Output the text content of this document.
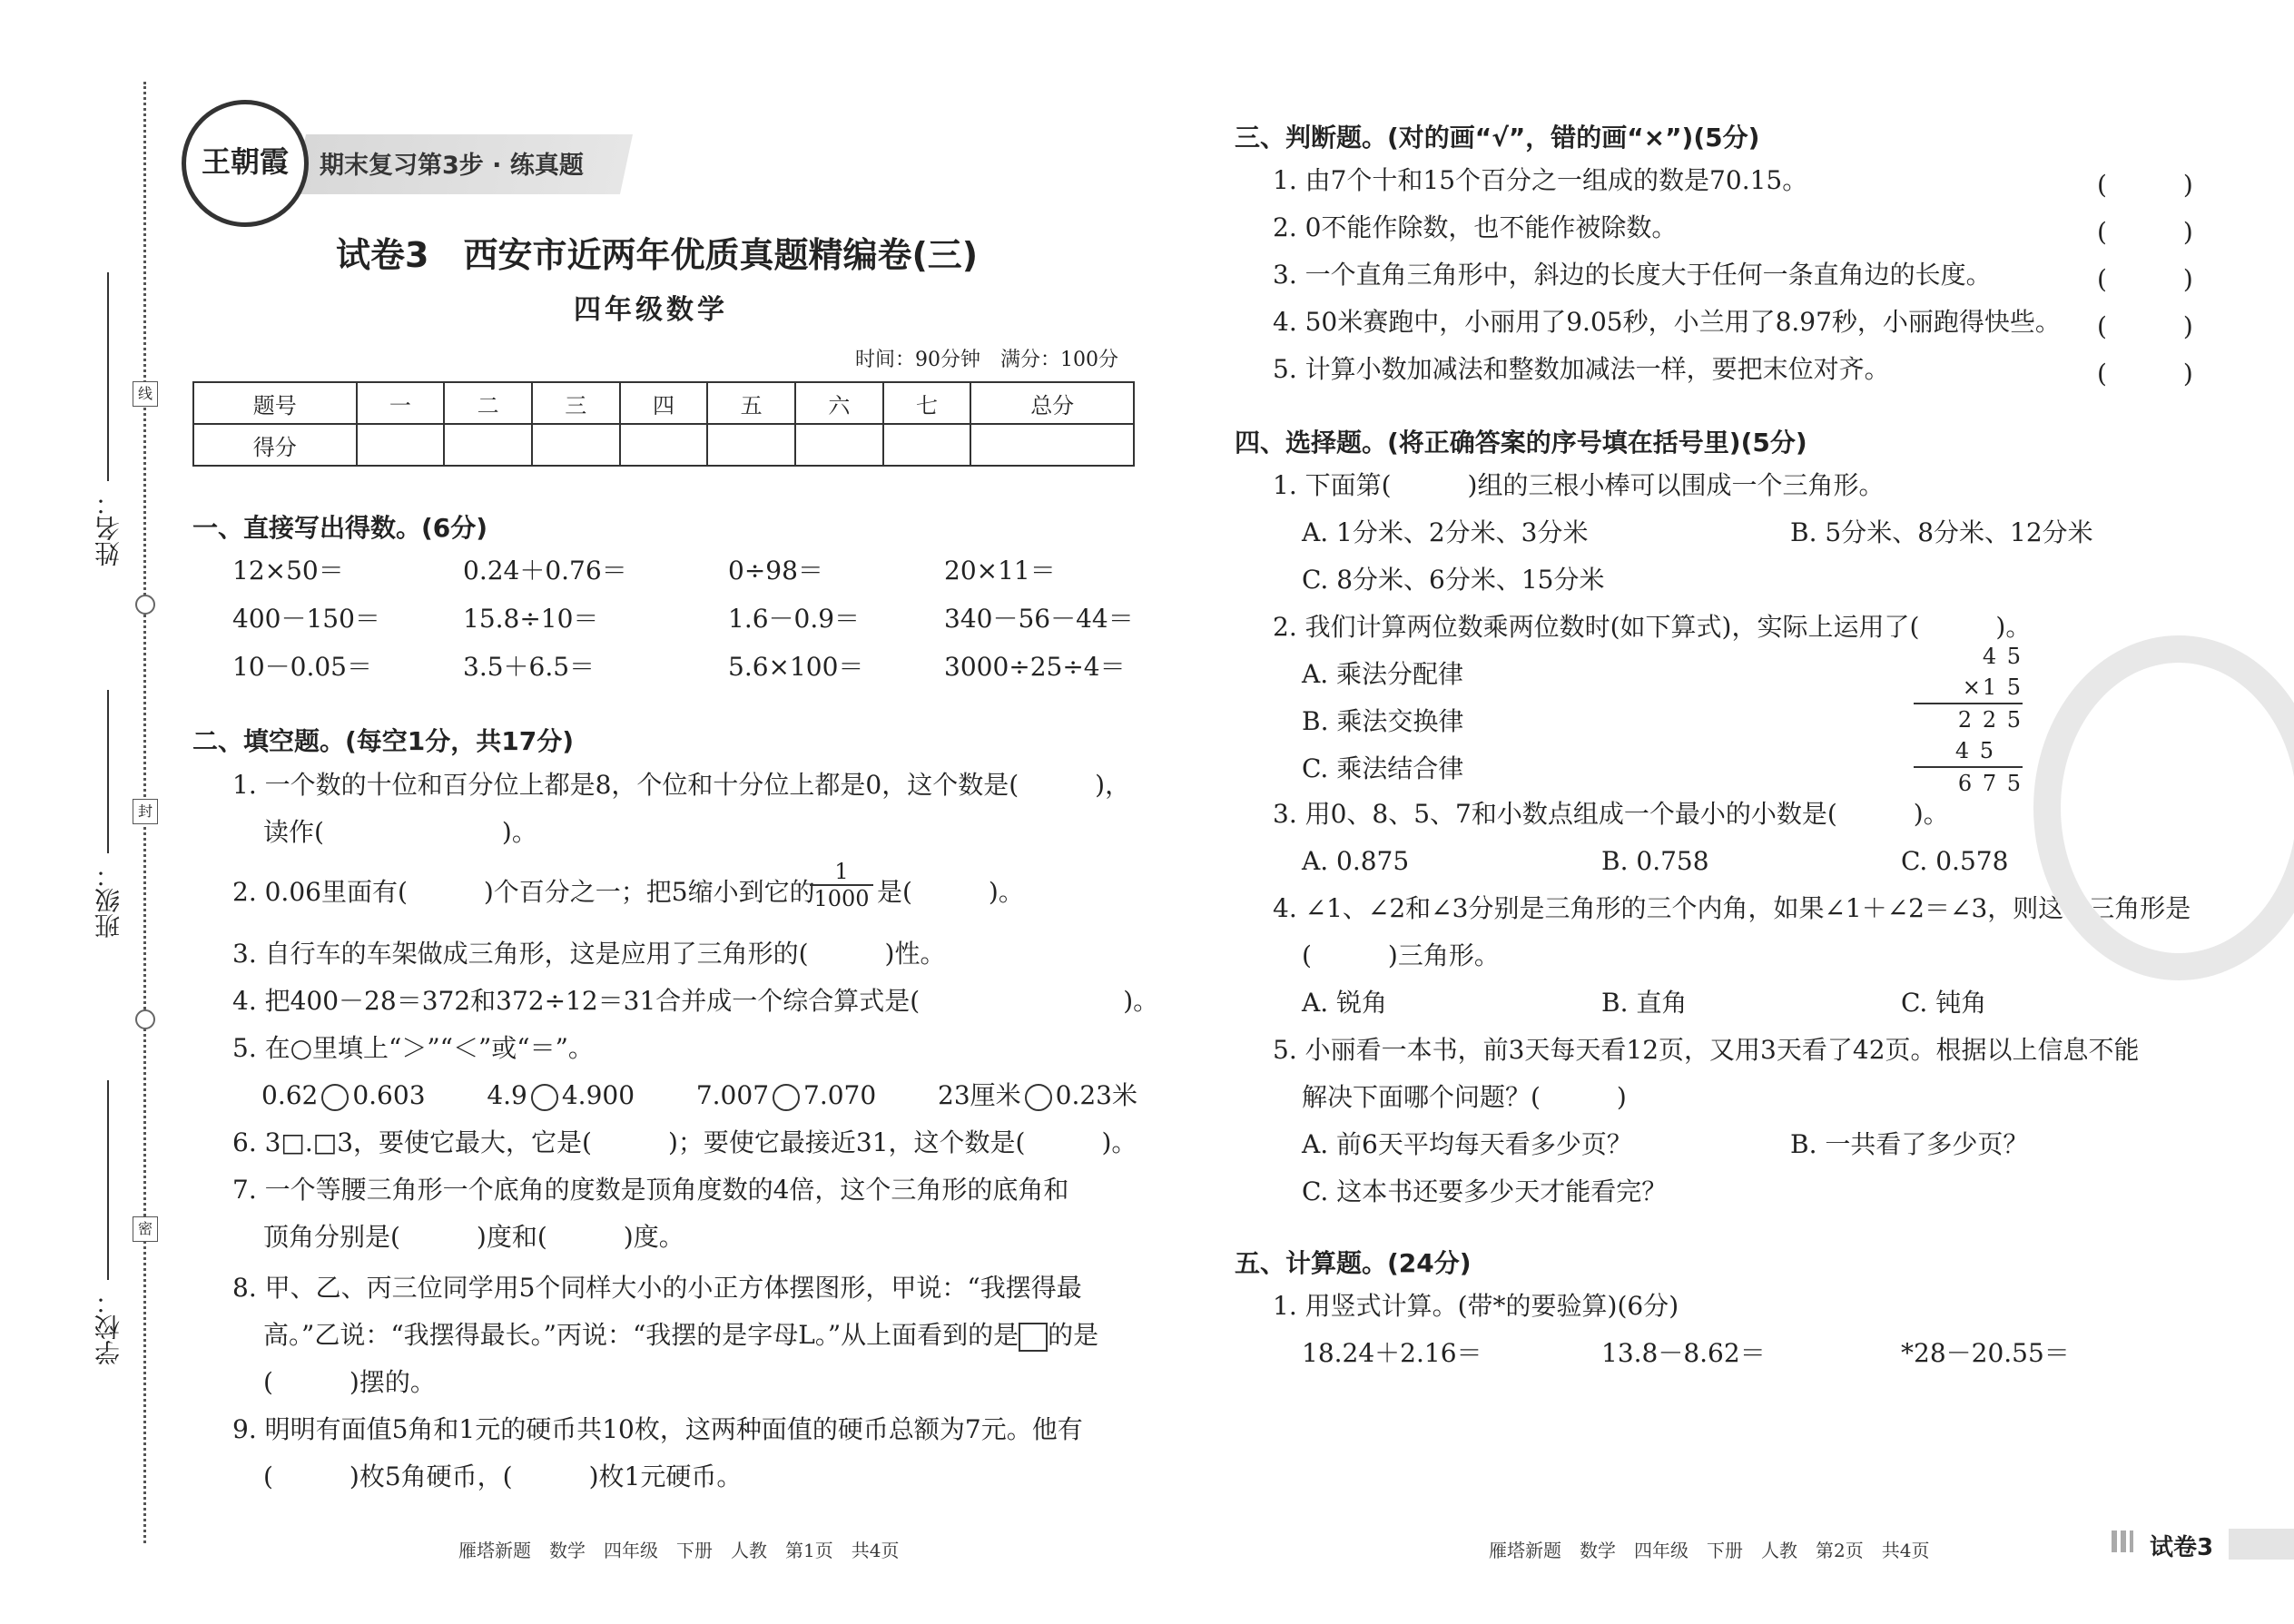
姓名：
班级：
学校：
线
封
密
期末复习第3步 · 练真题
王朝霞
试卷3　西安市近两年优质真题精编卷(三)
四年级数学
时间：90分钟　满分：100分
题号	一	二	三	四	五	六	七	总分
得分								
一、直接写出得数。(6分)
12×50＝	0.24＋0.76＝	0÷98＝	20×11＝
400－150＝	15.8÷10＝	1.6－0.9＝	340－56－44＝
10－0.05＝	3.5＋6.5＝	5.6×100＝	3000÷25÷4＝
二、填空题。(每空1分，共17分)
1. 一个数的十位和百分位上都是8，个位和十分位上都是0，这个数是(　　　)，
读作(　　　　　　　)。
2. 0.06里面有(　　　)个百分之一；把5缩小到它的
$\frac{1}{1000}$ 是(　　　)。
3. 自行车的车架做成三角形，这是应用了三角形的(　　　)性。
4. 把400－28＝372和372÷12＝31合并成一个综合算式是(　　　　　　　　)。
5. 在○里填上“＞”“＜”或“＝”。
0.62 0.603 4.9 4.900 7.007 7.070 23厘米 0.23米
6. 3□.□3，要使它最大，它是(　　　)；要使它最接近31，这个数是(　　　)。
7. 一个等腰三角形一个底角的度数是顶角度数的4倍，这个三角形的底角和
顶角分别是(　　　)度和(　　　)度。
8. 甲、乙、丙三位同学用5个同样大小的小正方体摆图形，甲说：“我摆得最
高。”乙说：“我摆得最长。”丙说：“我摆的是字母L。”从上面看到的是 的是
(　　　)摆的。
9. 明明有面值5角和1元的硬币共10枚，这两种面值的硬币总额为7元。他有
(　　　)枚5角硬币，(　　　)枚1元硬币。
雁塔新题　数学　四年级　下册　人教　第1页　共4页
三、判断题。(对的画“√”，错的画“×”)(5分)
1. 由7个十和15个百分之一组成的数是70.15。	(　　　)
2. 0不能作除数，也不能作被除数。	(　　　)
3. 一个直角三角形中，斜边的长度大于任何一条直角边的长度。	(　　　)
4. 50米赛跑中，小丽用了9.05秒，小兰用了8.97秒，小丽跑得快些。 (　　　)
5. 计算小数加减法和整数加减法一样，要把末位对齐。	(　　　)
四、选择题。(将正确答案的序号填在括号里)(5分)
1. 下面第(　　　)组的三根小棒可以围成一个三角形。
A. 1分米、2分米、3分米	B. 5分米、8分米、12分米
C. 8分米、6分米、15分米
2. 我们计算两位数乘两位数时(如下算式)，实际上运用了(　　　)。
A. 乘法分配律
B. 乘法交换律
C. 乘法结合律
4 5
×1 5
2 2 5
4 5
6 7 5
3. 用0、8、5、7和小数点组成一个最小的小数是(　　　)。
A. 0.875	B. 0.758	C. 0.578
4. ∠1、∠2和∠3分别是三角形的三个内角，如果∠1＋∠2＝∠3，则这个三角形是
(　　　)三角形。
A. 锐角	B. 直角	C. 钝角
5. 小丽看一本书，前3天每天看12页，又用3天看了42页。根据以上信息不能
解决下面哪个问题？(　　　)
A. 前6天平均每天看多少页？	B. 一共看了多少页？
C. 这本书还要多少天才能看完？
五、计算题。(24分)
1. 用竖式计算。(带*的要验算)(6分)
18.24＋2.16＝	13.8－8.62＝	*28－20.55＝
雁塔新题　数学　四年级　下册　人教　第2页　共4页	试卷3
